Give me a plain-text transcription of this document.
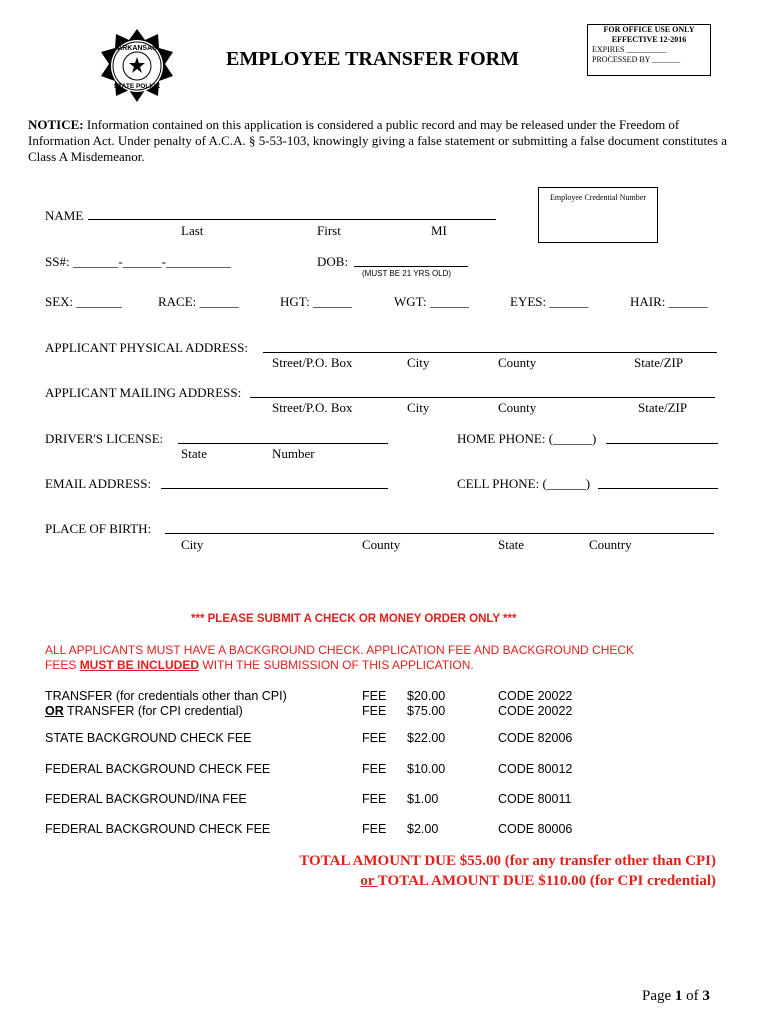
ARKANSAS
STATE POLICE
EMPLOYEE TRANSFER FORM
FOR OFFICE USE ONLY
EFFECTIVE 12-2016
EXPIRES __________
PROCESSED BY _______
NOTICE: Information contained on this application is considered a public record and may be released under the Freedom of Information Act. Under penalty of A.C.A. § 5-53-103, knowingly giving a false statement or submitting a false document constitutes a Class A Misdemeanor.
Employee Credential Number
NAME
Last	First	MI
SS#: _______-______-__________	DOB:
(MUST BE 21 YRS OLD)
SEX: _______	RACE: ______	HGT: ______	WGT: ______	EYES: ______	HAIR: ______
APPLICANT PHYSICAL ADDRESS:
Street/P.O. Box	City	County	State/ZIP
APPLICANT MAILING ADDRESS:
Street/P.O. Box	City	County	State/ZIP
DRIVER'S LICENSE:
State	Number
HOME PHONE: (______)
EMAIL ADDRESS:	CELL PHONE: (______)
PLACE OF BIRTH:
City	County	State	Country
*** PLEASE SUBMIT A CHECK OR MONEY ORDER ONLY ***
ALL APPLICANTS MUST HAVE A BACKGROUND CHECK. APPLICATION FEE AND BACKGROUND CHECK
FEES MUST BE INCLUDED WITH THE SUBMISSION OF THIS APPLICATION.
TRANSFER (for credentials other than CPI)	FEE $20.00	CODE 20022
OR TRANSFER (for CPI credential)	FEE $75.00	CODE 20022
STATE BACKGROUND CHECK FEE	FEE $22.00	CODE 82006
FEDERAL BACKGROUND CHECK FEE	FEE $10.00	CODE 80012
FEDERAL BACKGROUND/INA FEE	FEE $1.00	CODE 80011
FEDERAL BACKGROUND CHECK FEE	FEE $2.00	CODE 80006
TOTAL AMOUNT DUE $55.00 (for any transfer other than CPI)
or TOTAL AMOUNT DUE $110.00 (for CPI credential)
Page 1 of 3
